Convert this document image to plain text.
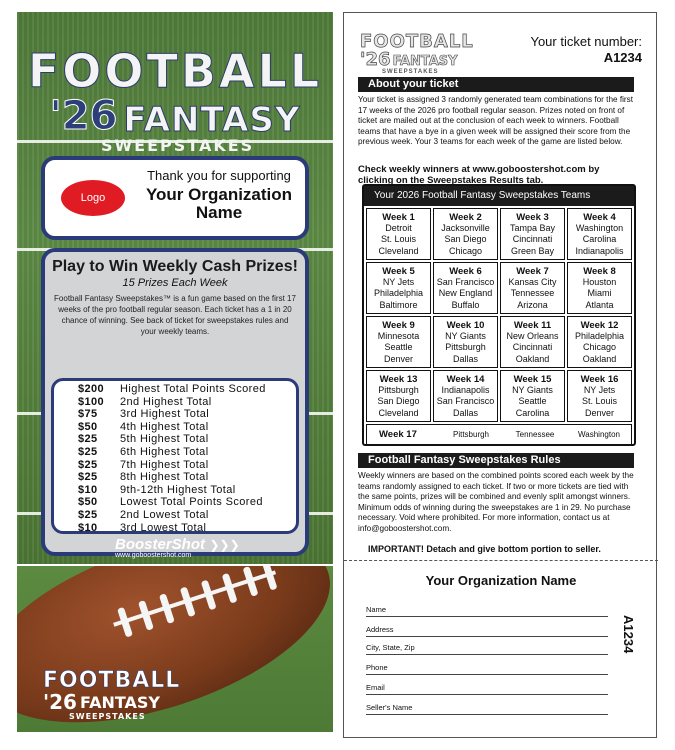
FOOTBALL
'26 FANTASY
SWEEPSTAKES
Logo
Thank you for supporting
Your Organization Name
Play to Win Weekly Cash Prizes!
15 Prizes Each Week
Football Fantasy Sweepstakes™ is a fun game based on the first 17 weeks of the pro football regular season. Each ticket has a 1 in 20 chance of winning. See back of ticket for sweepstakes rules and your weekly teams.
$200	Highest Total Points Scored
$100	2nd Highest Total
$75	3rd Highest Total
$50	4th Highest Total
$25	5th Highest Total
$25	6th Highest Total
$25	7th Highest Total
$25	8th Highest Total
$10	9th-12th Highest Total
$50	Lowest Total Points Scored
$25	2nd Lowest Total
$10	3rd Lowest Total
BoosterShot ❯❯❯
www.goboostershot.com
FOOTBALL
'26 FANTASY
SWEEPSTAKES
FOOTBALL
'26 FANTASY
SWEEPSTAKES
Your ticket number:
A1234
About your ticket
Your ticket is assigned 3 randomly generated team combinations for the first 17 weeks of the 2026 pro football regular season. Prizes noted on front of ticket are mailed out at the conclusion of each week to winners. Football teams that have a bye in a given week will be assigned their score from the previous week. Your 3 teams for each week of the game are listed below.
Check weekly winners at www.goboostershot.com by clicking on the Sweepstakes Results tab.
Your 2026 Football Fantasy Sweepstakes Teams
Week 1
Detroit
St. Louis
Cleveland
Week 2
Jacksonville
San Diego
Chicago
Week 3
Tampa Bay
Cincinnati
Green Bay
Week 4
Washington
Carolina
Indianapolis
Week 5
NY Jets
Philadelphia
Baltimore
Week 6
San Francisco
New England
Buffalo
Week 7
Kansas City
Tennessee
Arizona
Week 8
Houston
Miami
Atlanta
Week 9
Minnesota
Seattle
Denver
Week 10
NY Giants
Pittsburgh
Dallas
Week 11
New Orleans
Cincinnati
Oakland
Week 12
Philadelphia
Chicago
Oakland
Week 13
Pittsburgh
San Diego
Cleveland
Week 14
Indianapolis
San Francisco
Dallas
Week 15
NY Giants
Seattle
Carolina
Week 16
NY Jets
St. Louis
Denver
Week 17	Pittsburgh	Tennessee	Washington
Football Fantasy Sweepstakes Rules
Weekly winners are based on the combined points scored each week by the teams randomly assigned to each ticket. If two or more tickets are tied with the same points, prizes will be combined and evenly split amongst winners. Minimum odds of winning during the sweepstakes are 1 in 29. No purchase necessary. Void where prohibited. For more information, contact us at info@goboostershot.com.
IMPORTANT! Detach and give bottom portion to seller.
Your Organization Name
A1234
Name
Address
City, State, Zip
Phone
Email
Seller's Name
